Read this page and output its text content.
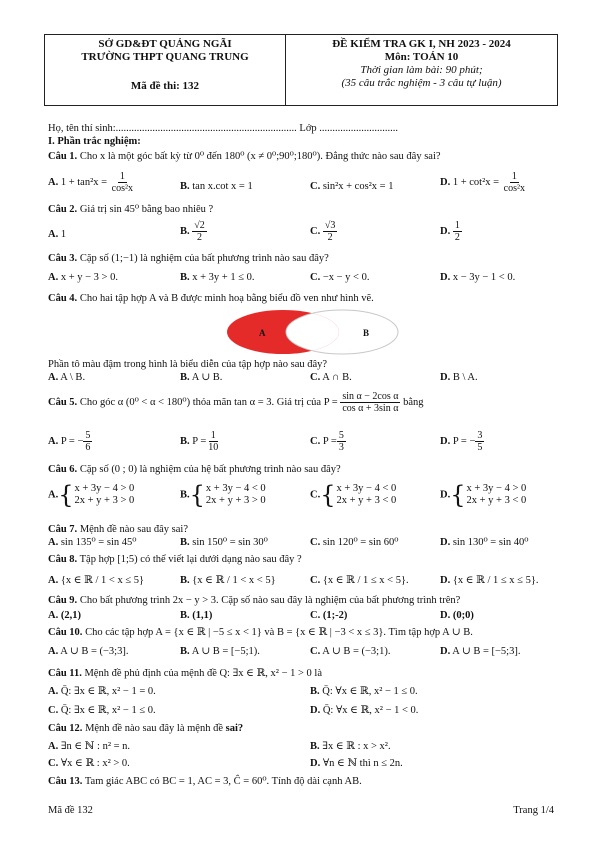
SỞ GD&ĐT QUẢNG NGÃI
TRƯỜNG THPT QUANG TRUNG
Mã đề thi: 132
ĐỀ KIỂM TRA GK I, NH 2023 - 2024
Môn: TOÁN 10
Thời gian làm bài: 90 phút;
(35 câu trắc nghiệm - 3 câu tự luận)
Họ, tên thí sinh:..................................................................... Lớp ..............................
I. Phần trắc nghiệm:
Câu 1. Cho x là một góc bất kỳ từ 0⁰ đến 180⁰ (x ≠ 0⁰;90⁰;180⁰). Đẳng thức nào sau đây sai?
A. $1 + \tan^2x = \frac{1}{\text{cos²x}}$	B. tan x.cot x = 1	C. sin²x + cos²x = 1	D. $1 + \cot^2x = \frac{1}{\text{cos²x}}$
Câu 2. Giá trị sin 45⁰ bằng bao nhiêu ?
A. 1	B. $\frac{√2}{2}$	C. $\frac{√3}{2}$	D. $\frac{1}{2}$
Câu 3. Cặp số (1;−1) là nghiệm của bất phương trình nào sau đây?
A. x + y − 3 > 0.	B. x + 3y + 1 ≤ 0.	C. −x − y < 0.	D. x − 3y − 1 < 0.
Câu 4. Cho hai tập hợp A và B được minh hoạ bằng biểu đồ ven như hình vẽ.
A	B
Phần tô màu đậm trong hình là biểu diễn của tập hợp nào sau đây?
A. A \ B.	B. A ∪ B.	C. A ∩ B.	D. B \ A.
Câu 5. Cho góc α (0⁰ < α < 180⁰) thỏa mãn tan α = 3. Giá trị của $P = \frac{\text{sin α − 2cos α}}{\text{cos α + 3sin α}}$ bằng
A. P = − $\frac{5}{6}$	B. $P = \frac{1}{10}$	C. $P = \frac{5}{3}$	D. P = − $\frac{3}{5}$
Câu 6. Cặp số (0 ; 0) là nghiệm của hệ bất phương trình nào sau đây?
A. { x + 3y − 4 > 0
2x + y + 3 > 0
B. { x + 3y − 4 < 0
2x + y + 3 > 0
C. { x + 3y − 4 < 0
2x + y + 3 < 0
D. { x + 3y − 4 > 0
2x + y + 3 < 0
Câu 7. Mệnh đề nào sau đây sai?
A. sin 135⁰ = sin 45⁰	B. sin 150⁰ = sin 30⁰	C. sin 120⁰ = sin 60⁰	D. sin 130⁰ = sin 40⁰
Câu 8. Tập hợp [1;5) có thể viết lại dưới dạng nào sau đây ?
A. {x ∈ ℝ / 1 < x ≤ 5}	B. {x ∈ ℝ / 1 < x < 5}	C. {x ∈ ℝ / 1 ≤ x < 5}.	D. {x ∈ ℝ / 1 ≤ x ≤ 5}.
Câu 9. Cho bất phương trình 2x − y > 3. Cặp số nào sau đây là nghiệm của bất phương trình trên?
A. (2,1)	B. (1,1)	C. (1;-2)	D. (0;0)
Câu 10. Cho các tập hợp A = {x ∈ ℝ | −5 ≤ x < 1} và B = {x ∈ ℝ | −3 < x ≤ 3}. Tìm tập hợp A ∪ B.
A. A ∪ B = (−3;3].	B. A ∪ B = [−5;1).	C. A ∪ B = (−3;1).	D. A ∪ B = [−5;3].
Câu 11. Mệnh đề phủ định của mệnh đề Q: ∃x ∈ ℝ, x² − 1 > 0 là
A. Q̄: ∃x ∈ ℝ, x² − 1 = 0.	B. Q̄: ∀x ∈ ℝ, x² − 1 ≤ 0.
C. Q̄: ∃x ∈ ℝ, x² − 1 ≤ 0.	D. Q̄: ∀x ∈ ℝ, x² − 1 < 0.
Câu 12. Mệnh đề nào sau đây là mệnh đề sai?
A. ∃n ∈ ℕ : n² = n.	B. ∃x ∈ ℝ : x > x².
C. ∀x ∈ ℝ : x² > 0.	D. ∀n ∈ ℕ thì n ≤ 2n.
Câu 13. Tam giác ABC có BC = 1, AC = 3, Ĉ = 60⁰. Tính độ dài cạnh AB.
Mã đề 132	Trang 1/4
